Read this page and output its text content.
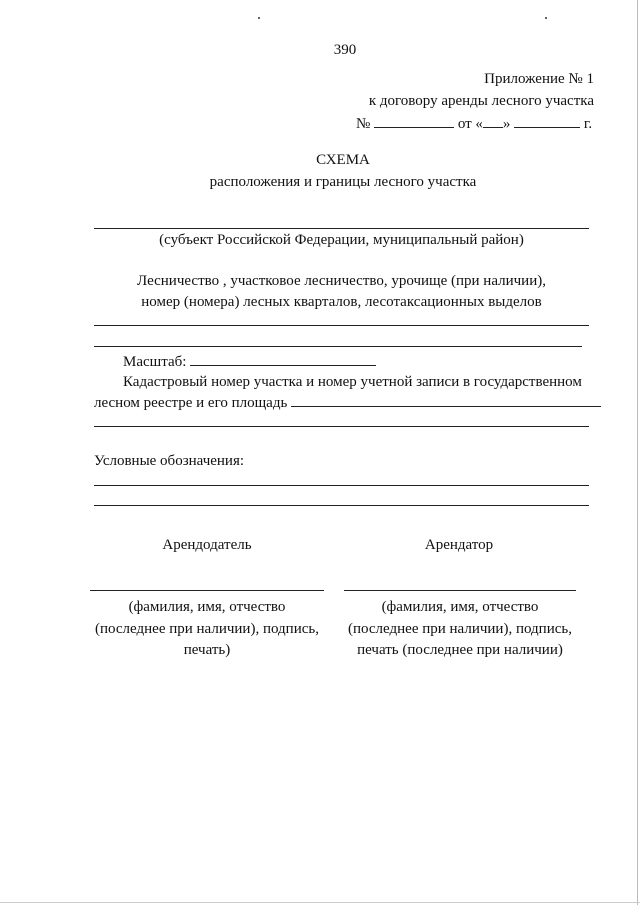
390
Приложение № 1
к договору аренды лесного участка
№	от « »	г.
СХЕМА
расположения и границы лесного участка
(субъект Российской Федерации, муниципальный район)
Лесничество , участковое лесничество, урочище (при наличии),
номер (номера) лесных кварталов, лесотаксационных выделов
Масштаб:
Кадастровый номер участка и номер учетной записи в государственном
лесном реестре и его площадь
Условные обозначения:
Арендодатель	Арендатор
(фамилия, имя, отчество
(последнее при наличии), подпись,
печать)
(фамилия, имя, отчество
(последнее при наличии), подпись,
печать (последнее при наличии)
